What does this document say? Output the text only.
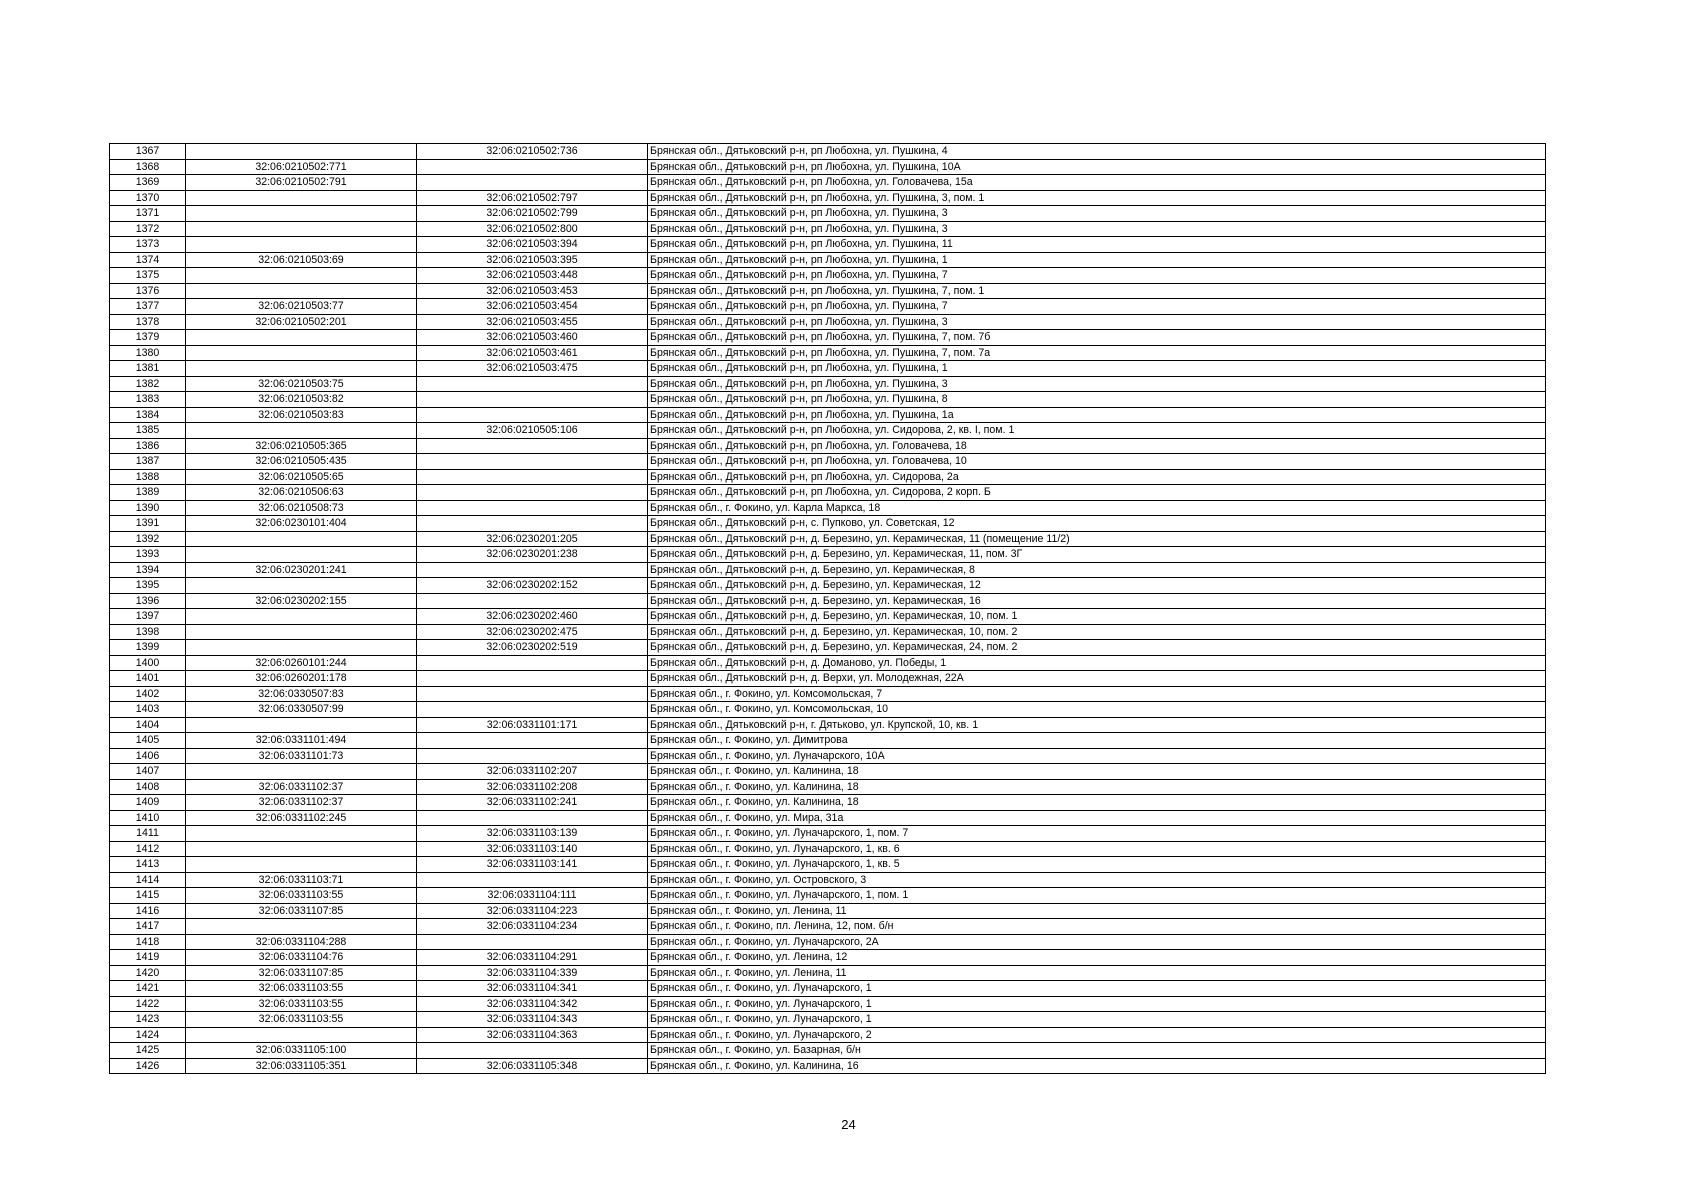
1367		32:06:0210502:736	Брянская обл., Дятьковский р-н, рп Любохна, ул. Пушкина, 4
1368	32:06:0210502:771		Брянская обл., Дятьковский р-н, рп Любохна, ул. Пушкина, 10А
1369	32:06:0210502:791		Брянская обл., Дятьковский р-н, рп Любохна, ул. Головачева, 15а
1370		32:06:0210502:797	Брянская обл., Дятьковский р-н, рп Любохна, ул. Пушкина, 3, пом. 1
1371		32:06:0210502:799	Брянская обл., Дятьковский р-н, рп Любохна, ул. Пушкина, 3
1372		32:06:0210502:800	Брянская обл., Дятьковский р-н, рп Любохна, ул. Пушкина, 3
1373		32:06:0210503:394	Брянская обл., Дятьковский р-н, рп Любохна, ул. Пушкина, 11
1374	32:06:0210503:69	32:06:0210503:395	Брянская обл., Дятьковский р-н, рп Любохна, ул. Пушкина, 1
1375		32:06:0210503:448	Брянская обл., Дятьковский р-н, рп Любохна, ул. Пушкина, 7
1376		32:06:0210503:453	Брянская обл., Дятьковский р-н, рп Любохна, ул. Пушкина, 7, пом. 1
1377	32:06:0210503:77	32:06:0210503:454	Брянская обл., Дятьковский р-н, рп Любохна, ул. Пушкина, 7
1378	32:06:0210502:201	32:06:0210503:455	Брянская обл., Дятьковский р-н, рп Любохна, ул. Пушкина, 3
1379		32:06:0210503:460	Брянская обл., Дятьковский р-н, рп Любохна, ул. Пушкина, 7, пом. 7б
1380		32:06:0210503:461	Брянская обл., Дятьковский р-н, рп Любохна, ул. Пушкина, 7, пом. 7а
1381		32:06:0210503:475	Брянская обл., Дятьковский р-н, рп Любохна, ул. Пушкина, 1
1382	32:06:0210503:75		Брянская обл., Дятьковский р-н, рп Любохна, ул. Пушкина, 3
1383	32:06:0210503:82		Брянская обл., Дятьковский р-н, рп Любохна, ул. Пушкина, 8
1384	32:06:0210503:83		Брянская обл., Дятьковский р-н, рп Любохна, ул. Пушкина, 1а
1385		32:06:0210505:106	Брянская обл., Дятьковский р-н, рп Любохна, ул. Сидорова, 2, кв. I, пом. 1
1386	32:06:0210505:365		Брянская обл., Дятьковский р-н, рп Любохна, ул. Головачева, 18
1387	32:06:0210505:435		Брянская обл., Дятьковский р-н, рп Любохна, ул. Головачева, 10
1388	32:06:0210505:65		Брянская обл., Дятьковский р-н, рп Любохна, ул. Сидорова, 2а
1389	32:06:0210506:63		Брянская обл., Дятьковский р-н, рп Любохна, ул. Сидорова, 2 корп. Б
1390	32:06:0210508:73		Брянская обл., г. Фокино, ул. Карла Маркса, 18
1391	32:06:0230101:404		Брянская обл., Дятьковский р-н, с. Пупково, ул. Советская, 12
1392		32:06:0230201:205	Брянская обл., Дятьковский р-н, д. Березино, ул. Керамическая, 11 (помещение 11/2)
1393		32:06:0230201:238	Брянская обл., Дятьковский р-н, д. Березино, ул. Керамическая, 11, пом. 3Г
1394	32:06:0230201:241		Брянская обл., Дятьковский р-н, д. Березино, ул. Керамическая, 8
1395		32:06:0230202:152	Брянская обл., Дятьковский р-н, д. Березино, ул. Керамическая, 12
1396	32:06:0230202:155		Брянская обл., Дятьковский р-н, д. Березино, ул. Керамическая, 16
1397		32:06:0230202:460	Брянская обл., Дятьковский р-н, д. Березино, ул. Керамическая, 10, пом. 1
1398		32:06:0230202:475	Брянская обл., Дятьковский р-н, д. Березино, ул. Керамическая, 10, пом. 2
1399		32:06:0230202:519	Брянская обл., Дятьковский р-н, д. Березино, ул. Керамическая, 24, пом. 2
1400	32:06:0260101:244		Брянская обл., Дятьковский р-н, д. Доманово, ул. Победы, 1
1401	32:06:0260201:178		Брянская обл., Дятьковский р-н, д. Верхи, ул. Молодежная, 22А
1402	32:06:0330507:83		Брянская обл., г. Фокино, ул. Комсомольская, 7
1403	32:06:0330507:99		Брянская обл., г. Фокино, ул. Комсомольская, 10
1404		32:06:0331101:171	Брянская обл., Дятьковский р-н, г. Дятьково, ул. Крупской, 10, кв. 1
1405	32:06:0331101:494		Брянская обл., г. Фокино, ул. Димитрова
1406	32:06:0331101:73		Брянская обл., г. Фокино, ул. Луначарского, 10А
1407		32:06:0331102:207	Брянская обл., г. Фокино, ул. Калинина, 18
1408	32:06:0331102:37	32:06:0331102:208	Брянская обл., г. Фокино, ул. Калинина, 18
1409	32:06:0331102:37	32:06:0331102:241	Брянская обл., г. Фокино, ул. Калинина, 18
1410	32:06:0331102:245		Брянская обл., г. Фокино, ул. Мира, 31а
1411		32:06:0331103:139	Брянская обл., г. Фокино, ул. Луначарского, 1, пом. 7
1412		32:06:0331103:140	Брянская обл., г. Фокино, ул. Луначарского, 1, кв. 6
1413		32:06:0331103:141	Брянская обл., г. Фокино, ул. Луначарского, 1, кв. 5
1414	32:06:0331103:71		Брянская обл., г. Фокино, ул. Островского, 3
1415	32:06:0331103:55	32:06:0331104:111	Брянская обл., г. Фокино, ул. Луначарского, 1, пом. 1
1416	32:06:0331107:85	32:06:0331104:223	Брянская обл., г. Фокино, ул. Ленина, 11
1417		32:06:0331104:234	Брянская обл., г. Фокино, пл. Ленина, 12, пом. б/н
1418	32:06:0331104:288		Брянская обл., г. Фокино, ул. Луначарского, 2А
1419	32:06:0331104:76	32:06:0331104:291	Брянская обл., г. Фокино, ул. Ленина, 12
1420	32:06:0331107:85	32:06:0331104:339	Брянская обл., г. Фокино, ул. Ленина, 11
1421	32:06:0331103:55	32:06:0331104:341	Брянская обл., г. Фокино, ул. Луначарского, 1
1422	32:06:0331103:55	32:06:0331104:342	Брянская обл., г. Фокино, ул. Луначарского, 1
1423	32:06:0331103:55	32:06:0331104:343	Брянская обл., г. Фокино, ул. Луначарского, 1
1424		32:06:0331104:363	Брянская обл., г. Фокино, ул. Луначарского, 2
1425	32:06:0331105:100		Брянская обл., г. Фокино, ул. Базарная, б/н
1426	32:06:0331105:351	32:06:0331105:348	Брянская обл., г. Фокино, ул. Калинина, 16
24
